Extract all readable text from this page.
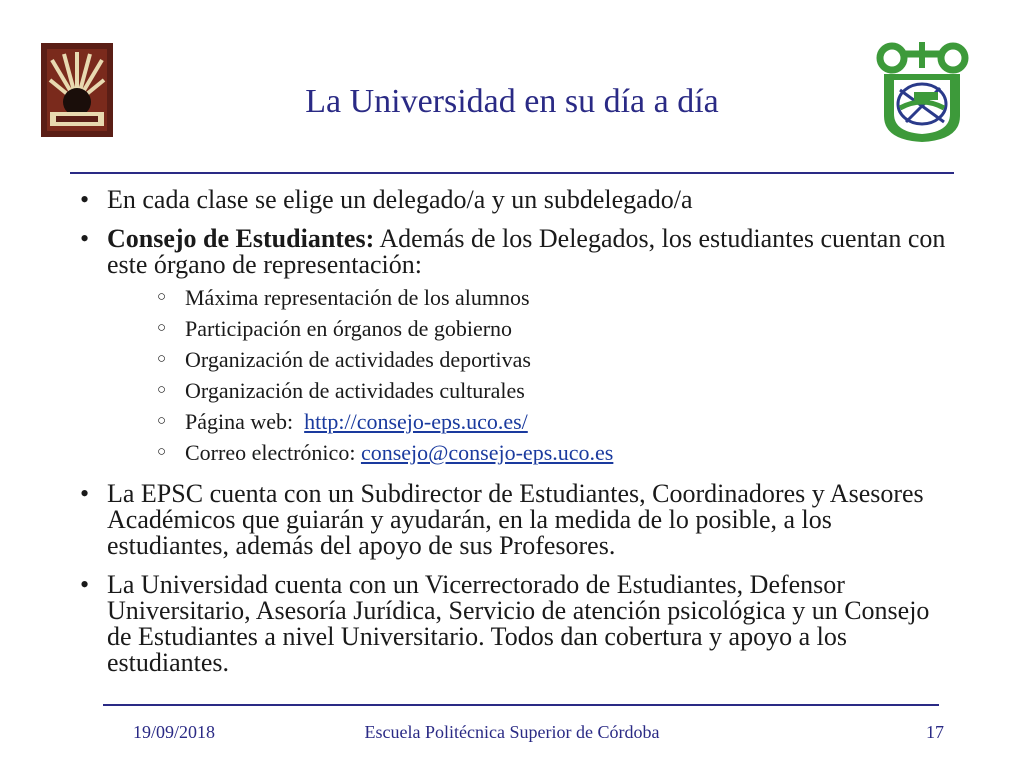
La Universidad en su día a día
• En cada clase se elige un delegado/a y un subdelegado/a
• Consejo de Estudiantes: Además de los Delegados, los estudiantes cuentan con este órgano de representación:
○ Máxima representación de los alumnos
○ Participación en órganos de gobierno
○ Organización de actividades deportivas
○ Organización de actividades culturales
○ Página web:  http://consejo-eps.uco.es/
○ Correo electrónico: consejo@consejo-eps.uco.es
• La EPSC cuenta con un Subdirector de Estudiantes, Coordinadores y Asesores Académicos que guiarán y ayudarán, en la medida de lo posible, a los estudiantes, además del apoyo de sus Profesores.
• La Universidad cuenta con un Vicerrectorado de Estudiantes, Defensor Universitario, Asesoría Jurídica, Servicio de atención psicológica y un Consejo de Estudiantes a nivel Universitario. Todos dan cobertura y apoyo a los estudiantes.
19/09/2018	Escuela Politécnica Superior de Córdoba	17
